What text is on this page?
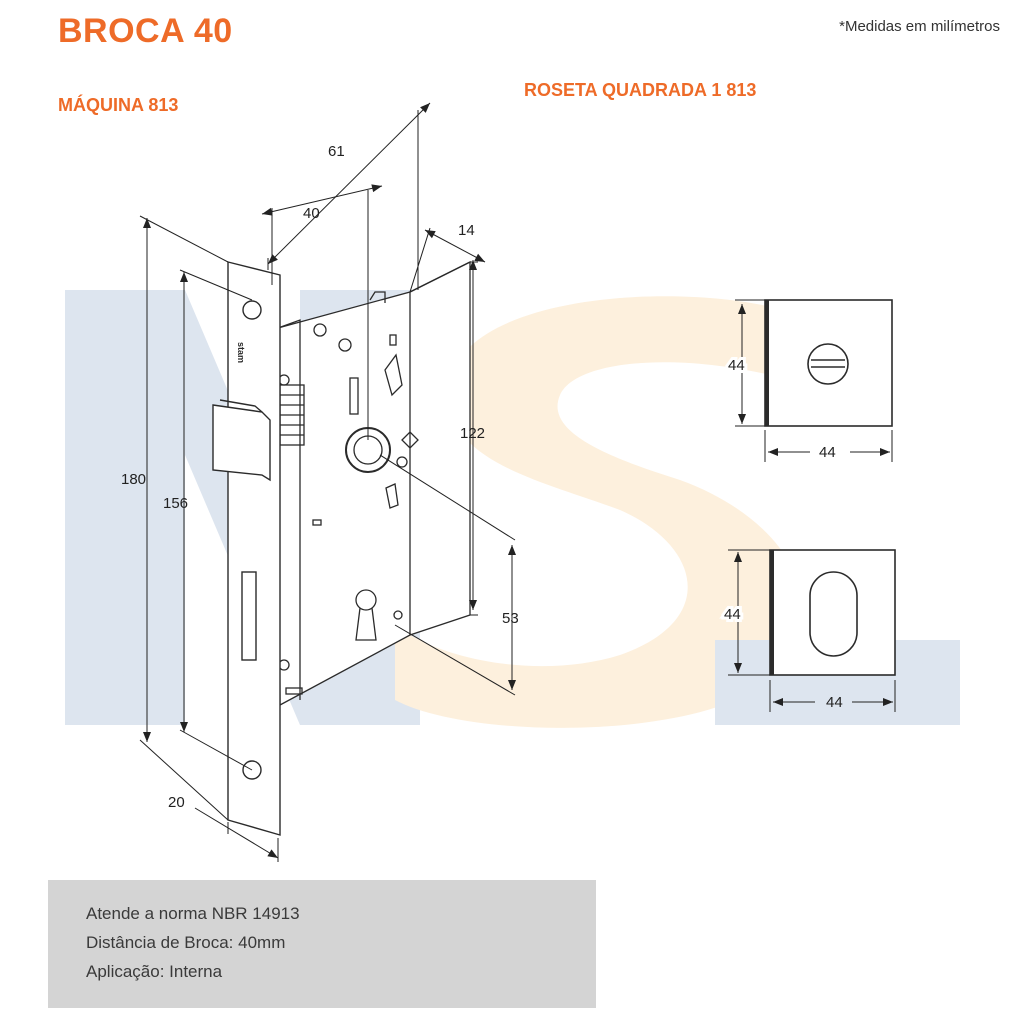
BROCA 40	*Medidas em milímetros
MÁQUINA 813
ROSETA QUADRADA 1 813
stam
61
40
14
180
156
122
53
20
44
44
44
44
Atende a norma NBR 14913
Distância de Broca: 40mm
Aplicação: Interna
